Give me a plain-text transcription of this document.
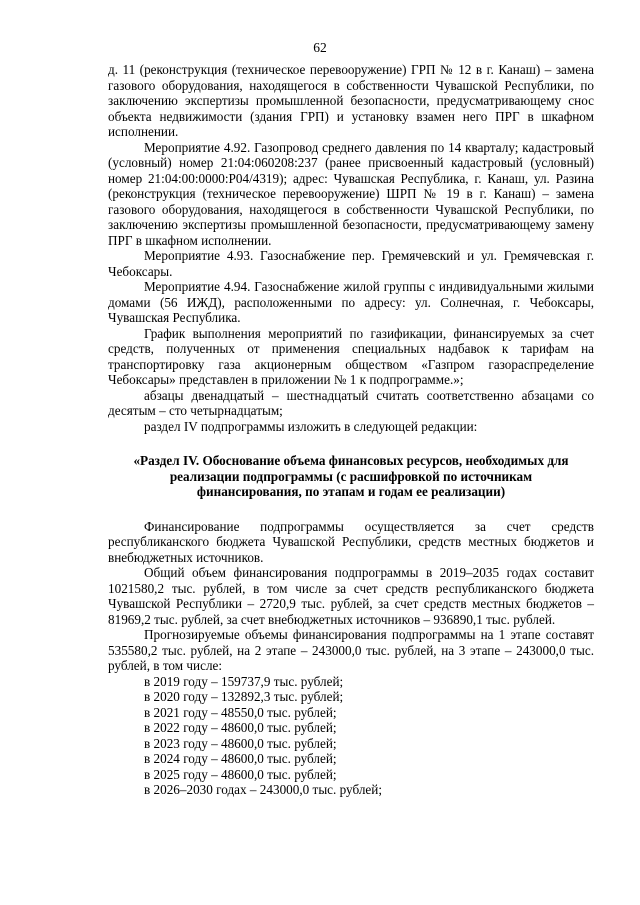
62

д. 11 (реконструкция (техническое перевооружение) ГРП № 12 в г. Канаш) – замена газового оборудования, находящегося в собственности Чувашской Республики, по заключению экспертизы промышленной безопасности, предусматривающему снос объекта недвижимости (здания ГРП) и установку взамен него ПРГ в шкафном исполнении.

Мероприятие 4.92. Газопровод среднего давления по 14 кварталу; кадастровый (условный) номер 21:04:060208:237 (ранее присвоенный кадастровый (условный) номер 21:04:00:0000:Р04/4319); адрес: Чувашская Республика, г. Канаш, ул. Разина (реконструкция (техническое перевооружение) ШРП № 19 в г. Канаш) – замена газового оборудования, находящегося в собственности Чувашской Республики, по заключению экспертизы промышленной безопасности, предусматривающему замену ПРГ в шкафном исполнении.

Мероприятие 4.93. Газоснабжение пер. Гремячевский и ул. Гремячевская г. Чебоксары.

Мероприятие 4.94. Газоснабжение жилой группы с индивидуальными жилыми домами (56 ИЖД), расположенными по адресу: ул. Солнечная, г. Чебоксары, Чувашская Республика.

График выполнения мероприятий по газификации, финансируемых за счет средств, полученных от применения специальных надбавок к тарифам на транспортировку газа акционерным обществом «Газпром газораспределение Чебоксары» представлен в приложении № 1 к подпрограмме.»;

абзацы двенадцатый – шестнадцатый считать соответственно абзацами со десятым – сто четырнадцатым;

раздел IV подпрограммы изложить в следующей редакции:

«Раздел IV. Обоснование объема финансовых ресурсов, необходимых для реализации подпрограммы (с расшифровкой по источникам финансирования, по этапам и годам ее реализации)

Финансирование подпрограммы осуществляется за счет средств республиканского бюджета Чувашской Республики, средств местных бюджетов и внебюджетных источников.

Общий объем финансирования подпрограммы в 2019–2035 годах составит 1021580,2 тыс. рублей, в том числе за счет средств республиканского бюджета Чувашской Республики – 2720,9 тыс. рублей, за счет средств местных бюджетов – 81969,2 тыс. рублей, за счет внебюджетных источников – 936890,1 тыс. рублей.

Прогнозируемые объемы финансирования подпрограммы на 1 этапе составят 535580,2 тыс. рублей, на 2 этапе – 243000,0 тыс. рублей, на 3 этапе – 243000,0 тыс. рублей, в том числе:

в 2019 году – 159737,9 тыс. рублей;
в 2020 году – 132892,3 тыс. рублей;
в 2021 году – 48550,0 тыс. рублей;
в 2022 году – 48600,0 тыс. рублей;
в 2023 году – 48600,0 тыс. рублей;
в 2024 году – 48600,0 тыс. рублей;
в 2025 году – 48600,0 тыс. рублей;
в 2026–2030 годах – 243000,0 тыс. рублей;
